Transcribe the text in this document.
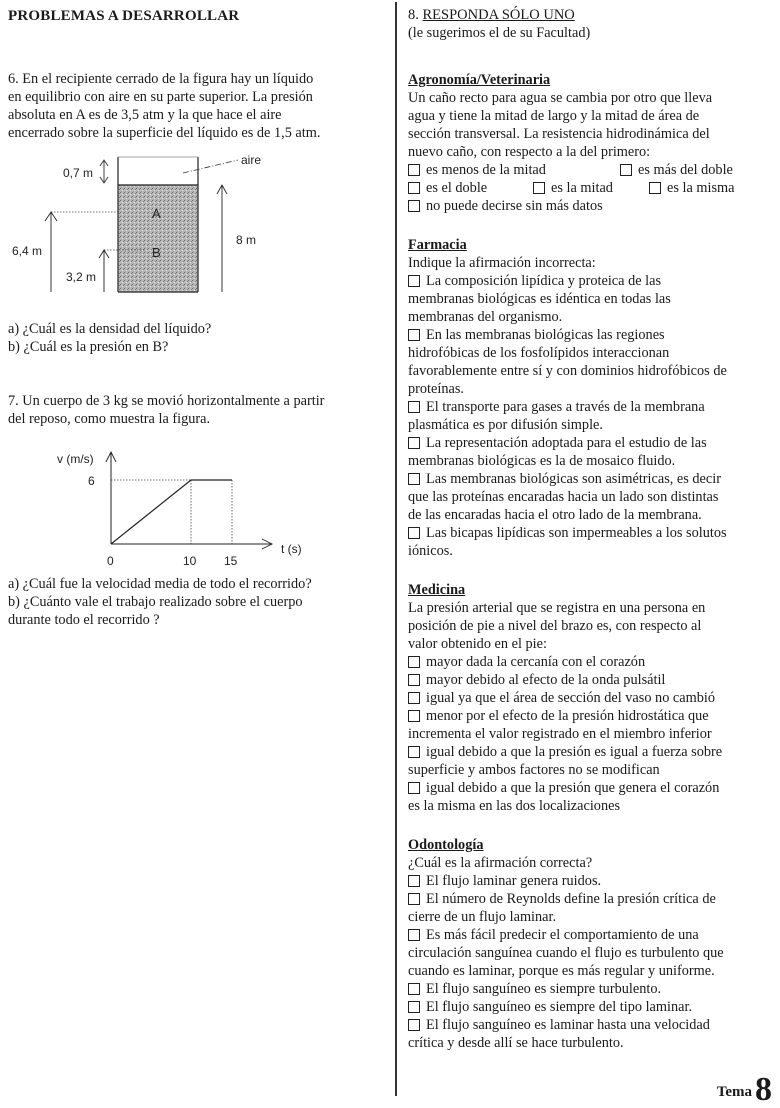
PROBLEMAS A DESARROLLAR

6. En el recipiente cerrado de la figura hay un líquido

en equilibrio con aire en su parte superior. La presión

absoluta en A es de 3,5 atm y la que hace el aire

encerrado sobre la superficie del líquido es de 1,5 atm.

aire
0,7 m
6,4 m
A
3,2 m
B
8 m

a) ¿Cuál es la densidad del líquido?

b) ¿Cuál es la presión en B?

7. Un cuerpo de 3 kg se movió horizontalmente a partir

del reposo, como muestra la figura.

v (m/s)
6
0	10 15
t (s)

a) ¿Cuál fue la velocidad media de todo el recorrido?

b) ¿Cuánto vale el trabajo realizado sobre el cuerpo

durante todo el recorrido ?

8. RESPONDA SÓLO UNO

(le sugerimos el de su Facultad)

Agronomía/Veterinaria

Un caño recto para agua se cambia por otro que lleva

agua y tiene la mitad de largo y la mitad de área de

sección transversal. La resistencia hidrodinámica del

nuevo caño, con respecto a la del primero:

es menos de la mitad	es más del doble
es el doble	es la mitad	es la misma
no puede decirse sin más datos

Farmacia

Indique la afirmación incorrecta:

La composición lipídica y proteica de las

membranas biológicas es idéntica en todas las

membranas del organismo.

En las membranas biológicas las regiones

hidrofóbicas de los fosfolípidos interaccionan

favorablemente entre sí y con dominios hidrofóbicos de

proteínas.

El transporte para gases a través de la membrana

plasmática es por difusión simple.

La representación adoptada para el estudio de las

membranas biológicas es la de mosaico fluido.

Las membranas biológicas son asimétricas, es decir

que las proteínas encaradas hacia un lado son distintas

de las encaradas hacia el otro lado de la membrana.

Las bicapas lipídicas son impermeables a los solutos

iónicos.

Medicina

La presión arterial que se registra en una persona en

posición de pie a nivel del brazo es, con respecto al

valor obtenido en el pie:

mayor dada la cercanía con el corazón

mayor debido al efecto de la onda pulsátil

igual ya que el área de sección del vaso no cambió

menor por el efecto de la presión hidrostática que

incrementa el valor registrado en el miembro inferior

igual debido a que la presión es igual a fuerza sobre

superficie y ambos factores no se modifican

igual debido a que la presión que genera el corazón

es la misma en las dos localizaciones

Odontología

¿Cuál es la afirmación correcta?

El flujo laminar genera ruidos.

El número de Reynolds define la presión crítica de

cierre de un flujo laminar.

Es más fácil predecir el comportamiento de una

circulación sanguínea cuando el flujo es turbulento que

cuando es laminar, porque es más regular y uniforme.

El flujo sanguíneo es siempre turbulento.

El flujo sanguíneo es siempre del tipo laminar.

El flujo sanguíneo es laminar hasta una velocidad

crítica y desde allí se hace turbulento.

Tema8
